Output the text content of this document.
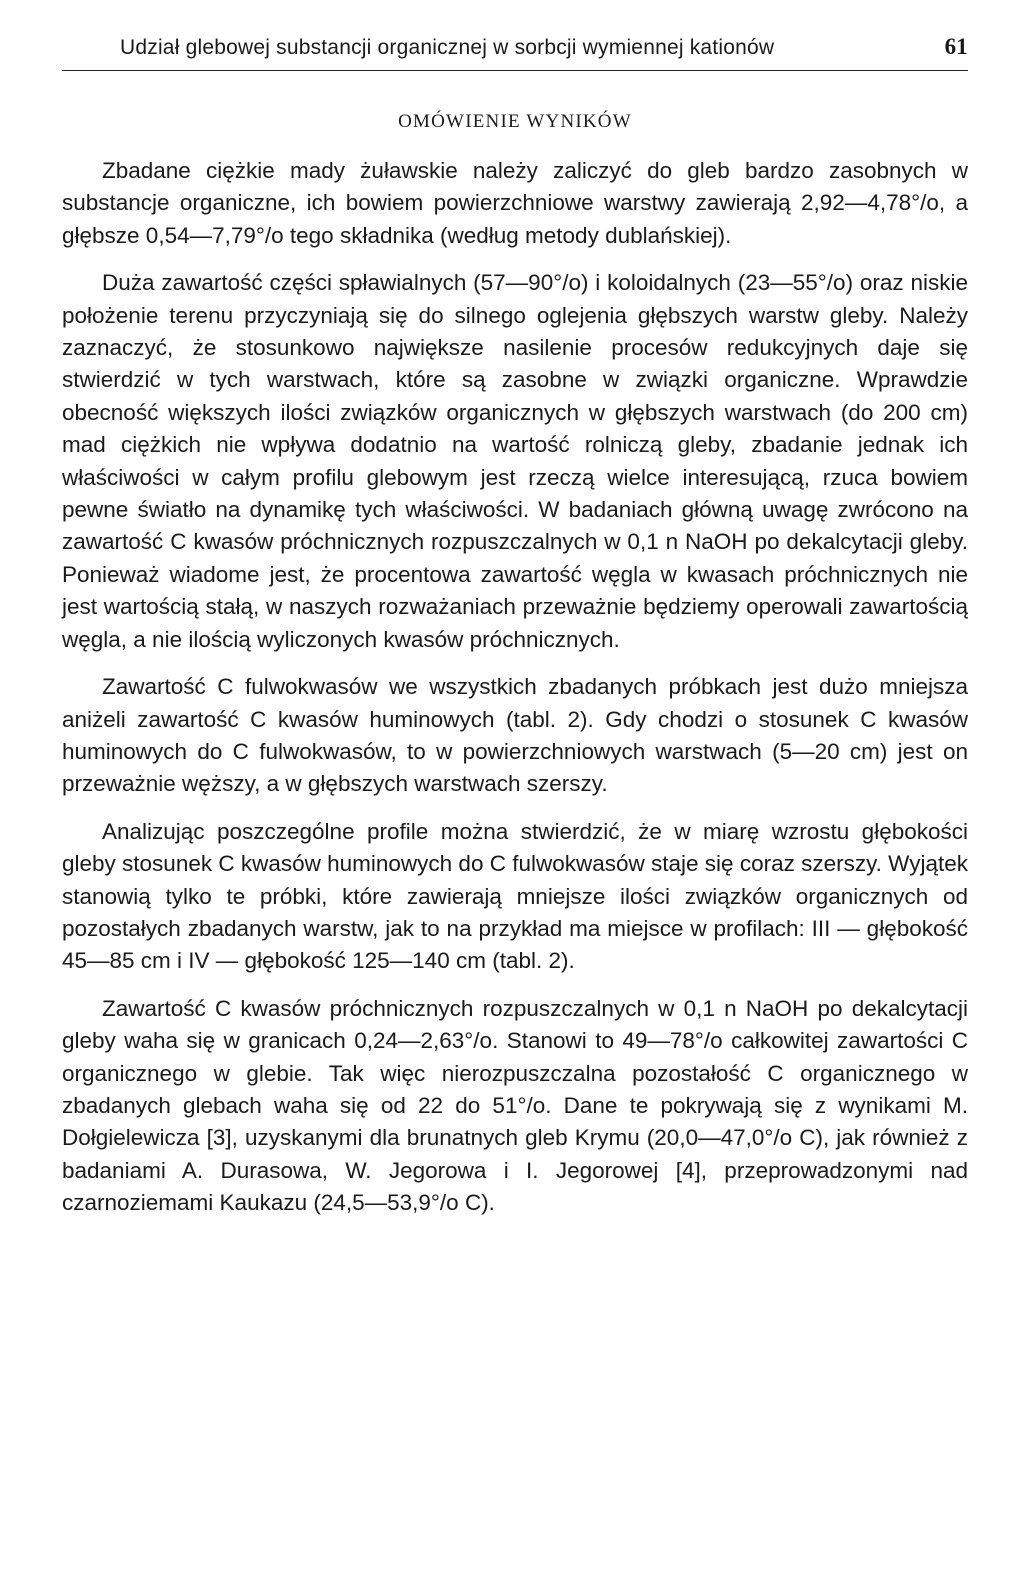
Udział glebowej substancji organicznej w sorbcji wymiennej kationów	61
OMÓWIENIE WYNIKÓW

Zbadane ciężkie mady żuławskie należy zaliczyć do gleb bardzo zasobnych w substancje organiczne, ich bowiem powierzchniowe warstwy zawierają 2,92—4,78°/o, a głębsze 0,54—7,79°/o tego składnika (według metody dublańskiej).

Duża zawartość części spławialnych (57—90°/o) i koloidalnych (23—55°/o) oraz niskie położenie terenu przyczyniają się do silnego oglejenia głębszych warstw gleby. Należy zaznaczyć, że stosunkowo największe nasilenie procesów redukcyjnych daje się stwierdzić w tych warstwach, które są zasobne w związki organiczne. Wprawdzie obecność większych ilości związków organicznych w głębszych warstwach (do 200 cm) mad ciężkich nie wpływa dodatnio na wartość rolniczą gleby, zbadanie jednak ich właściwości w całym profilu glebowym jest rzeczą wielce interesującą, rzuca bowiem pewne światło na dynamikę tych właściwości. W badaniach główną uwagę zwrócono na zawartość C kwasów próchnicznych rozpuszczalnych w 0,1 n NaOH po dekalcytacji gleby. Ponieważ wiadome jest, że procentowa zawartość węgla w kwasach próchnicznych nie jest wartością stałą, w naszych rozważaniach przeważnie będziemy operowali zawartością węgla, a nie ilością wyliczonych kwasów próchnicznych.

Zawartość C fulwokwasów we wszystkich zbadanych próbkach jest dużo mniejsza aniżeli zawartość C kwasów huminowych (tabl. 2). Gdy chodzi o stosunek C kwasów huminowych do C fulwokwasów, to w powierzchniowych warstwach (5—20 cm) jest on przeważnie węższy, a w głębszych warstwach szerszy.

Analizując poszczególne profile można stwierdzić, że w miarę wzrostu głębokości gleby stosunek C kwasów huminowych do C fulwokwasów staje się coraz szerszy. Wyjątek stanowią tylko te próbki, które zawierają mniejsze ilości związków organicznych od pozostałych zbadanych warstw, jak to na przykład ma miejsce w profilach: III — głębokość 45—85 cm i IV — głębokość 125—140 cm (tabl. 2).

Zawartość C kwasów próchnicznych rozpuszczalnych w 0,1 n NaOH po dekalcytacji gleby waha się w granicach 0,24—2,63°/o. Stanowi to 49—78°/o całkowitej zawartości C organicznego w glebie. Tak więc nierozpuszczalna pozostałość C organicznego w zbadanych glebach waha się od 22 do 51°/o. Dane te pokrywają się z wynikami M. Dołgielewicza [3], uzyskanymi dla brunatnych gleb Krymu (20,0—47,0°/o C), jak również z badaniami A. Durasowa, W. Jegorowa i I. Jegorowej [4], przeprowadzonymi nad czarnoziemami Kaukazu (24,5—53,9°/o C).
